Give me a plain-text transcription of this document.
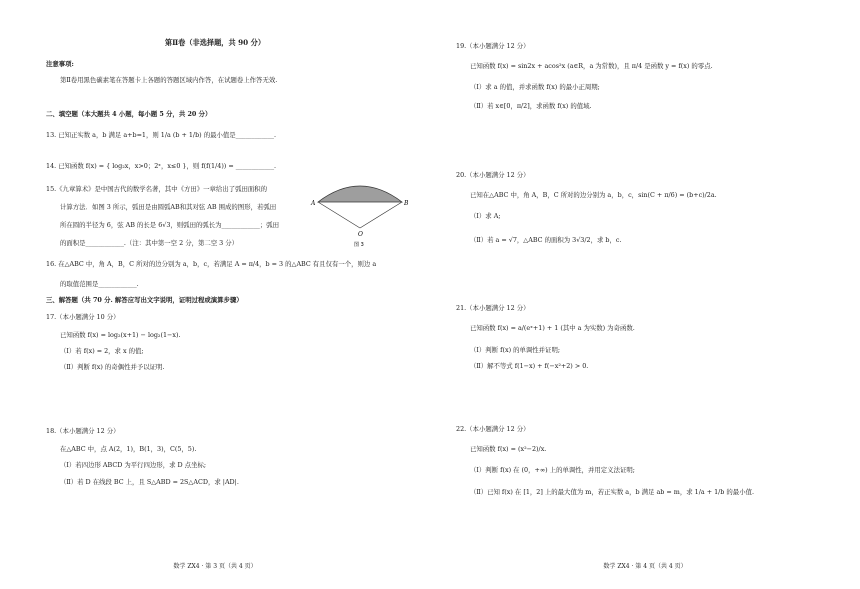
第Ⅱ卷（非选择题，共 90 分）
注意事项:
第Ⅱ卷用黑色碳素笔在答题卡上各题的答题区域内作答，在试题卷上作答无效.
二、填空题（本大题共 4 小题，每小题 5 分，共 20 分）
13. 已知正实数 a，b 满足 a+b=1，则 1/a (b + 1/b) 的最小值是____________.
14. 已知函数 f(x) = { log₂x，x>0；2ˣ，x≤0 }，则 f(f(1/4)) = ____________.
15.《九章算术》是中国古代的数学名著，其中《方田》一章给出了弧田面积的
计算方法．如图 3 所示，弧田是由圆弧AB和其对弦 AB 围成的图形，若弧田
所在圆的半径为 6，弦 AB 的长是 6√3，则弧田的弧长为____________；弧田
的面积是____________.（注：其中第一空 2 分，第二空 3 分）
A	B
O
图 3
16. 在△ABC 中，角 A，B，C 所对的边分别为 a，b，c，若满足 A = π/4，b = 3 的△ABC 有且仅有一个，则边 a
的取值范围是____________.
三、解答题（共 70 分. 解答应写出文字说明，证明过程或演算步骤）
17.（本小题满分 10 分）
已知函数 f(x) = log₂(x+1) − log₂(1−x).
（Ⅰ）若 f(x) = 2，求 x 的值;
（Ⅱ）判断 f(x) 的奇偶性并予以证明.
18.（本小题满分 12 分）
在△ABC 中，点 A(2，1)，B(1，3)，C(5，5).
（Ⅰ）若四边形 ABCD 为平行四边形，求 D 点坐标;
（Ⅱ）若 D 在线段 BC 上，且 S△ABD = 2S△ACD，求 |AD|.
数学 ZX4 · 第 3 页（共 4 页）
19.（本小题满分 12 分）
已知函数 f(x) = sin2x + acos²x (a∈R，a 为常数)，且 π/4 是函数 y = f(x) 的零点.
（Ⅰ）求 a 的值，并求函数 f(x) 的最小正周期;
（Ⅱ）若 x∈[0，π/2]，求函数 f(x) 的值域.
20.（本小题满分 12 分）
已知在△ABC 中，角 A，B，C 所对的边分别为 a，b，c，sin(C + π/6) = (b+c)/2a.
（Ⅰ）求 A;
（Ⅱ）若 a = √7，△ABC 的面积为 3√3/2，求 b，c.
21.（本小题满分 12 分）
已知函数 f(x) = a/(eˣ+1) + 1 (其中 a 为实数) 为奇函数.
（Ⅰ）判断 f(x) 的单调性并证明;
（Ⅱ）解不等式 f(1−x) + f(−x²+2) > 0.
22.（本小题满分 12 分）
已知函数 f(x) = (x²−2)/x.
（Ⅰ）判断 f(x) 在 (0，+∞) 上的单调性，并用定义法证明;
（Ⅱ）已知 f(x) 在 [1，2] 上的最大值为 m，若正实数 a，b 满足 ab = m，求 1/a + 1/b 的最小值.
数学 ZX4 · 第 4 页（共 4 页）
